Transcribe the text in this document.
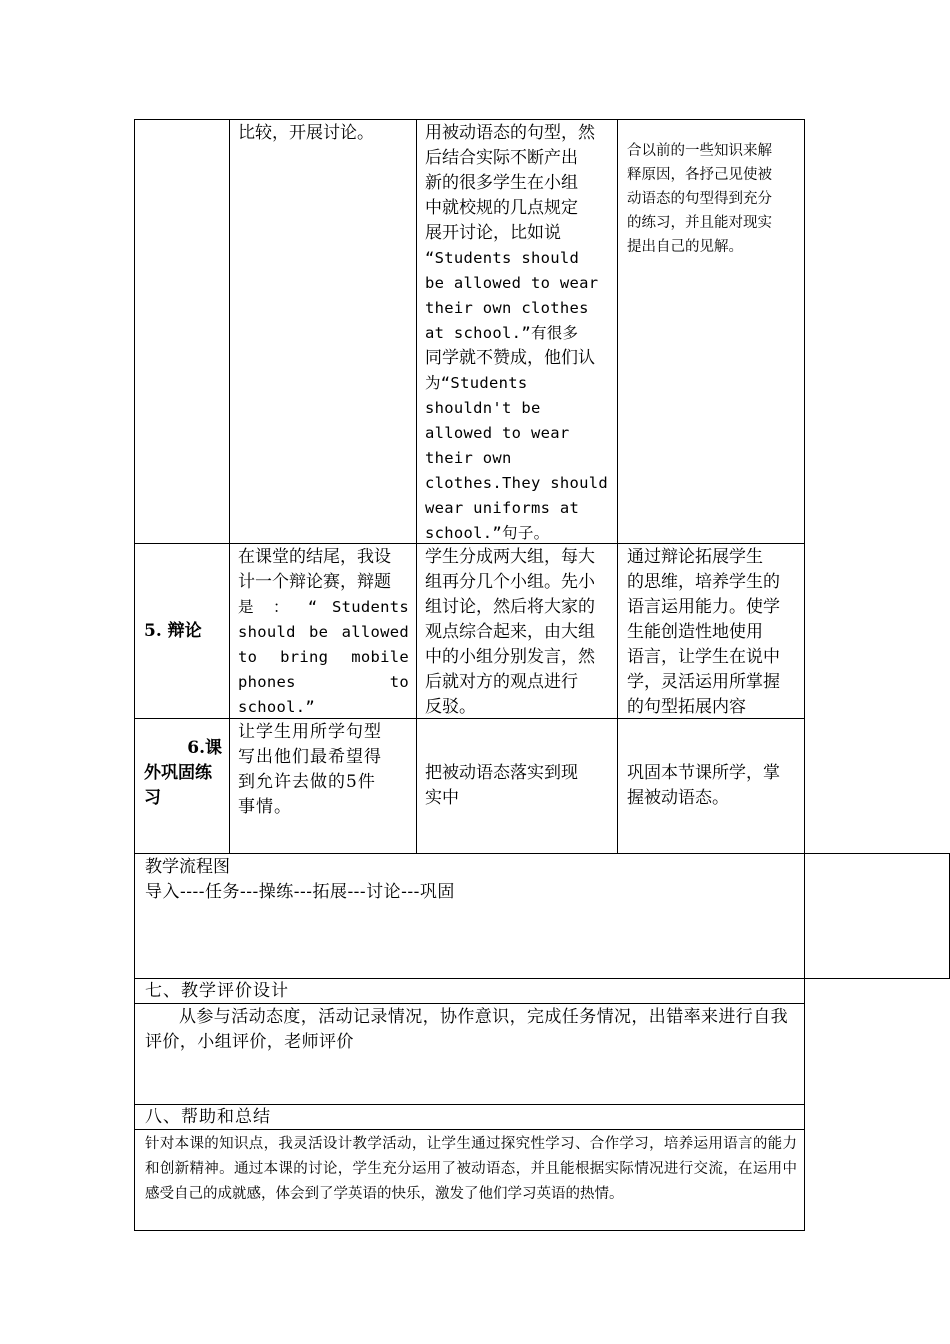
比较，开展讨论。	用被动语态的句型，然

后结合实际不断产出

新的很多学生在小组

中就校规的几点规定

展开讨论，比如说

“Students should

be allowed to wear

their own clothes

at school.”有很多

同学就不赞成，他们认

为“Students

shouldn't be

allowed to wear

their own

clothes.They should

wear uniforms at

school.”句子。

合以前的一些知识来解

释原因，各抒己见使被

动语态的句型得到充分

的练习，并且能对现实

提出自己的见解。

5. 辩论

在课堂的结尾，我设

计一个辩论赛，辩题

是 ： “ Students

should be allowed

to bring mobile

phones to

school.”

学生分成两大组，每大

组再分几个小组。先小

组讨论，然后将大家的

观点综合起来，由大组

中的小组分别发言，然

后就对方的观点进行

反驳。

通过辩论拓展学生

的思维，培养学生的

语言运用能力。使学

生能创造性地使用

语言，让学生在说中

学，灵活运用所掌握

的句型拓展内容

6.课

外巩固练

习

让学生用所学句型

写出他们最希望得

到允许去做的5件

事情。

把被动语态落实到现

实中

巩固本节课所学，掌

握被动语态。

教学流程图

导入----任务---操练---拓展---讨论---巩固

七、教学评价设计

从参与活动态度，活动记录情况，协作意识，完成任务情况，出错率来进行自我评价，小组评价，老师评价

八、帮助和总结

针对本课的知识点，我灵活设计教学活动，让学生通过探究性学习、合作学习，培养运用语言的能力和创新精神。通过本课的讨论，学生充分运用了被动语态，并且能根据实际情况进行交流，在运用中感受自己的成就感，体会到了学英语的快乐，激发了他们学习英语的热情。
